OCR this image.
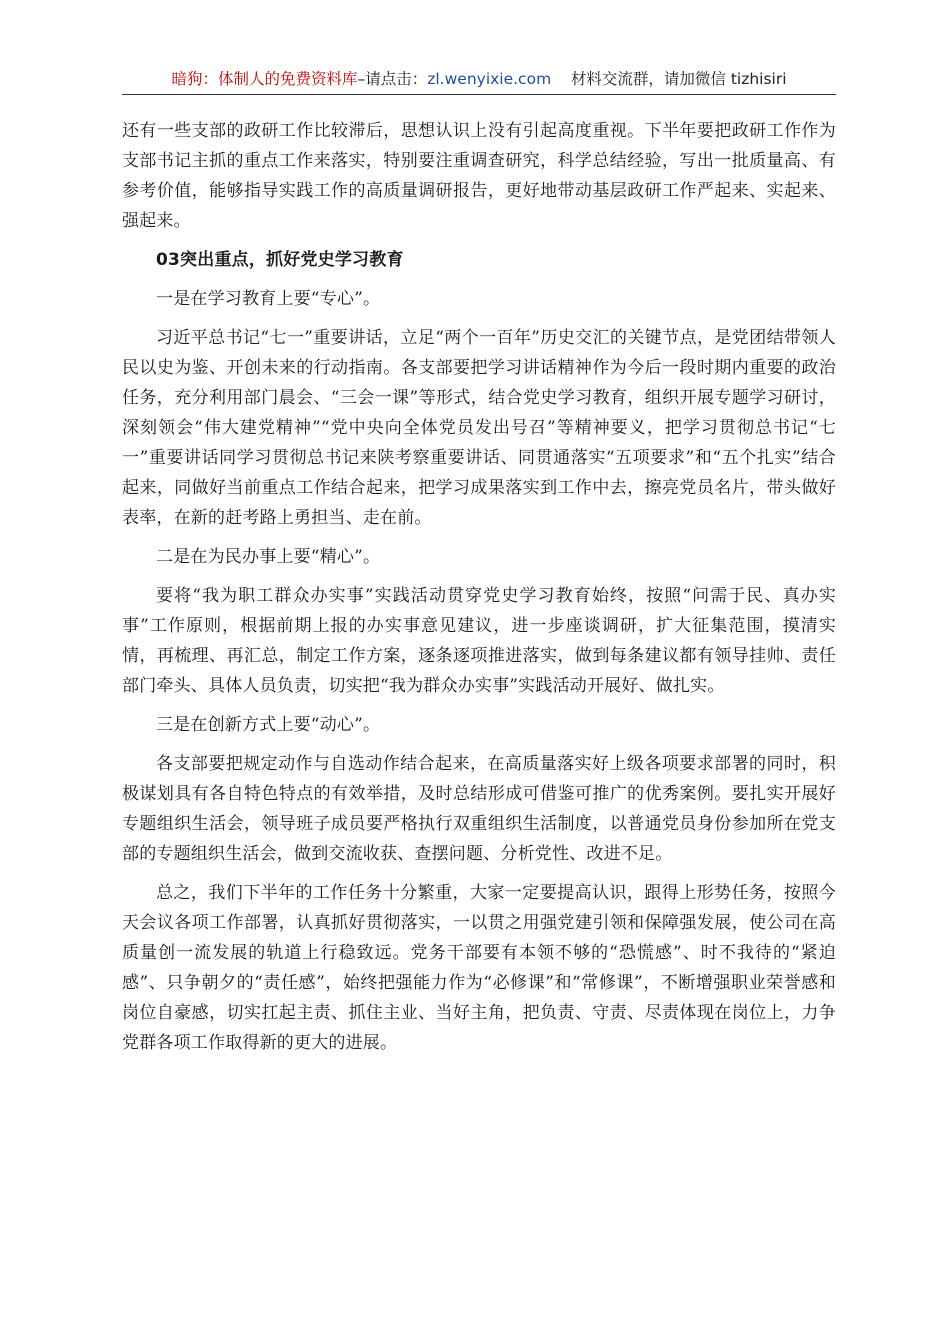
暗狗：体制人的免费资料库–请点击：zl.wenyixie.com 材料交流群，请加微信 tizhisiri

还有一些支部的政研工作比较滞后，思想认识上没有引起高度重视。下半年要把政研工作作为支部书记主抓的重点工作来落实，特别要注重调查研究，科学总结经验，写出一批质量高、有参考价值，能够指导实践工作的高质量调研报告，更好地带动基层政研工作严起来、实起来、强起来。

03突出重点，抓好党史学习教育

一是在学习教育上要“专心”。

习近平总书记“七一”重要讲话，立足“两个一百年”历史交汇的关键节点，是党团结带领人民以史为鉴、开创未来的行动指南。各支部要把学习讲话精神作为今后一段时期内重要的政治任务，充分利用部门晨会、“三会一课”等形式，结合党史学习教育，组织开展专题学习研讨，深刻领会“伟大建党精神”“党中央向全体党员发出号召”等精神要义，把学习贯彻总书记“七一”重要讲话同学习贯彻总书记来陕考察重要讲话、同贯通落实“五项要求”和“五个扎实”结合起来，同做好当前重点工作结合起来，把学习成果落实到工作中去，擦亮党员名片，带头做好表率，在新的赶考路上勇担当、走在前。

二是在为民办事上要“精心”。

要将“我为职工群众办实事”实践活动贯穿党史学习教育始终，按照“问需于民、真办实事”工作原则，根据前期上报的办实事意见建议，进一步座谈调研，扩大征集范围，摸清实情，再梳理、再汇总，制定工作方案，逐条逐项推进落实，做到每条建议都有领导挂帅、责任部门牵头、具体人员负责，切实把“我为群众办实事”实践活动开展好、做扎实。

三是在创新方式上要“动心”。

各支部要把规定动作与自选动作结合起来，在高质量落实好上级各项要求部署的同时，积极谋划具有各自特色特点的有效举措，及时总结形成可借鉴可推广的优秀案例。要扎实开展好专题组织生活会，领导班子成员要严格执行双重组织生活制度，以普通党员身份参加所在党支部的专题组织生活会，做到交流收获、查摆问题、分析党性、改进不足。

总之，我们下半年的工作任务十分繁重，大家一定要提高认识，跟得上形势任务，按照今天会议各项工作部署，认真抓好贯彻落实，一以贯之用强党建引领和保障强发展，使公司在高质量创一流发展的轨道上行稳致远。党务干部要有本领不够的“恐慌感”、时不我待的“紧迫感”、只争朝夕的“责任感”，始终把强能力作为“必修课”和“常修课”，不断增强职业荣誉感和岗位自豪感，切实扛起主责、抓住主业、当好主角，把负责、守责、尽责体现在岗位上，力争党群各项工作取得新的更大的进展。
